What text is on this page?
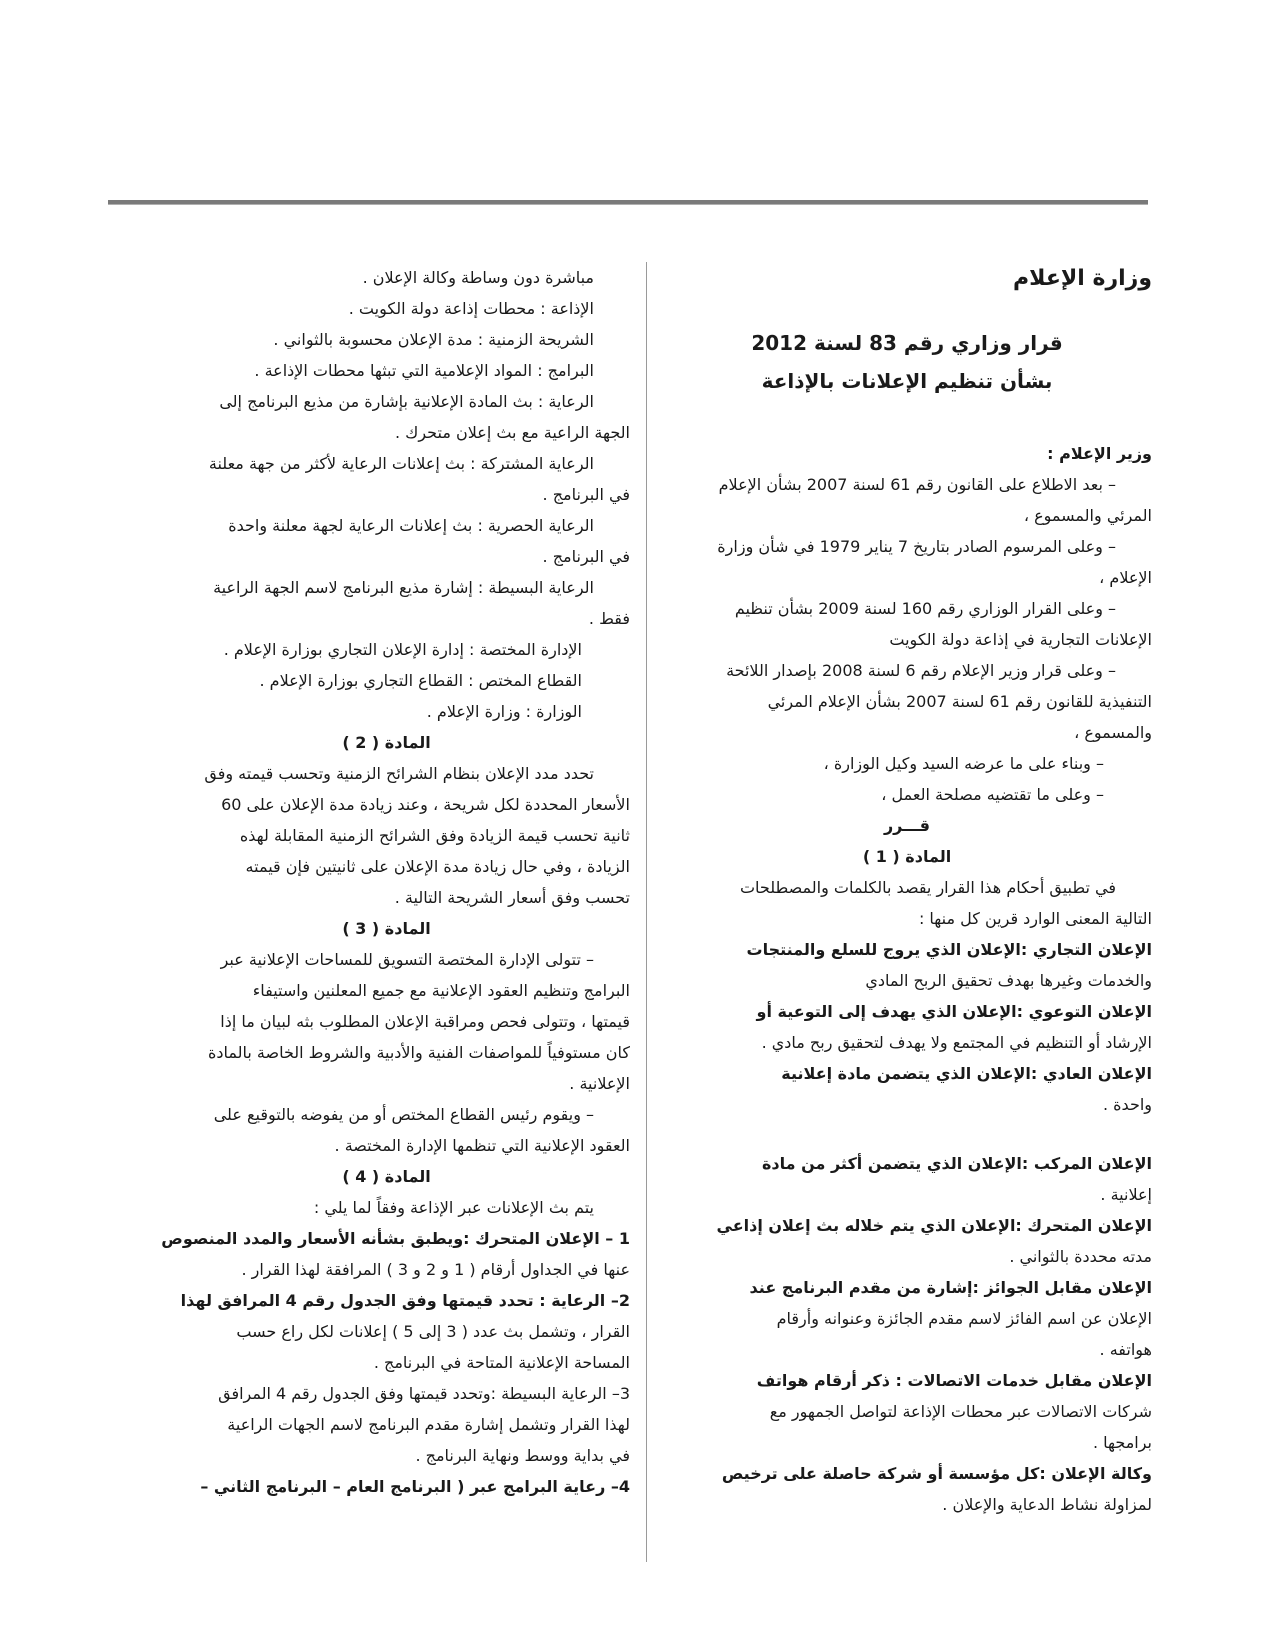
وزارة الإعلام

قرار وزاري رقم 83 لسنة 2012
بشأن تنظيم الإعلانات بالإذاعة

وزير الإعلام :

– بعد الاطلاع على القانون رقم 61 لسنة 2007 بشأن الإعلام

المرئي والمسموع ،

– وعلى المرسوم الصادر بتاريخ 7 يناير 1979 في شأن وزارة

الإعلام ،

– وعلى القرار الوزاري رقم 160 لسنة 2009 بشأن تنظيم

الإعلانات التجارية في إذاعة دولة الكويت

– وعلى قرار وزير الإعلام رقم 6 لسنة 2008 بإصدار اللائحة

التنفيذية للقانون رقم 61 لسنة 2007 بشأن الإعلام المرئي

والمسموع ،

– وبناء على ما عرضه السيد وكيل الوزارة ،

– وعلى ما تقتضيه مصلحة العمل ،

قـــرر

المادة ( 1 )

في تطبيق أحكام هذا القرار يقصد بالكلمات والمصطلحات

التالية المعنى الوارد قرين كل منها :

الإعلان التجاري :الإعلان الذي يروج للسلع والمنتجات

والخدمات وغيرها بهدف تحقيق الربح المادي

الإعلان التوعوي :الإعلان الذي يهدف إلى التوعية أو

الإرشاد أو التنظيم في المجتمع ولا يهدف لتحقيق ربح مادي .

الإعلان العادي :الإعلان الذي يتضمن مادة إعلانية

واحدة .

الإعلان المركب :الإعلان الذي يتضمن أكثر من مادة

إعلانية .

الإعلان المتحرك :الإعلان الذي يتم خلاله بث إعلان إذاعي

مدته محددة بالثواني .

الإعلان مقابل الجوائز :إشارة من مقدم البرنامج عند

الإعلان عن اسم الفائز لاسم مقدم الجائزة وعنوانه وأرقام

هواتفه .

الإعلان مقابل خدمات الاتصالات : ذكر أرقام هواتف

شركات الاتصالات عبر محطات الإذاعة لتواصل الجمهور مع

برامجها .

وكالة الإعلان :كل مؤسسة أو شركة حاصلة على ترخيص

لمزاولة نشاط الدعاية والإعلان .

مباشرة دون وساطة وكالة الإعلان .

الإذاعة : محطات إذاعة دولة الكويت .

الشريحة الزمنية : مدة الإعلان محسوبة بالثواني .

البرامج : المواد الإعلامية التي تبثها محطات الإذاعة .

الرعاية : بث المادة الإعلانية بإشارة من مذيع البرنامج إلى

الجهة الراعية مع بث إعلان متحرك .

الرعاية المشتركة : بث إعلانات الرعاية لأكثر من جهة معلنة

في البرنامج .

الرعاية الحصرية : بث إعلانات الرعاية لجهة معلنة واحدة

في البرنامج .

الرعاية البسيطة : إشارة مذيع البرنامج لاسم الجهة الراعية

فقط .

الإدارة المختصة : إدارة الإعلان التجاري بوزارة الإعلام .

القطاع المختص : القطاع التجاري بوزارة الإعلام .

الوزارة : وزارة الإعلام .

المادة ( 2 )

تحدد مدد الإعلان بنظام الشرائح الزمنية وتحسب قيمته وفق

الأسعار المحددة لكل شريحة ، وعند زيادة مدة الإعلان على 60

ثانية تحسب قيمة الزيادة وفق الشرائح الزمنية المقابلة لهذه

الزيادة ، وفي حال زيادة مدة الإعلان على ثانيتين فإن قيمته

تحسب وفق أسعار الشريحة التالية .

المادة ( 3 )

– تتولى الإدارة المختصة التسويق للمساحات الإعلانية عبر

البرامج وتنظيم العقود الإعلانية مع جميع المعلنين واستيفاء

قيمتها ، وتتولى فحص ومراقبة الإعلان المطلوب بثه لبيان ما إذا

كان مستوفياً للمواصفات الفنية والأدبية والشروط الخاصة بالمادة

الإعلانية .

– ويقوم رئيس القطاع المختص أو من يفوضه بالتوقيع على

العقود الإعلانية التي تنظمها الإدارة المختصة .

المادة ( 4 )

يتم بث الإعلانات عبر الإذاعة وفقاً لما يلي :

1 – الإعلان المتحرك :ويطبق بشأنه الأسعار والمدد المنصوص

عنها في الجداول أرقام ( 1 و 2 و 3 ) المرافقة لهذا القرار .

2– الرعاية : تحدد قيمتها وفق الجدول رقم 4 المرافق لهذا

القرار ، وتشمل بث عدد ( 3 إلى 5 ) إعلانات لكل راع حسب

المساحة الإعلانية المتاحة في البرنامج .

3– الرعاية البسيطة :وتحدد قيمتها وفق الجدول رقم 4 المرافق

لهذا القرار وتشمل إشارة مقدم البرنامج لاسم الجهات الراعية

في بداية ووسط ونهاية البرنامج .

4– رعاية البرامج عبر ( البرنامج العام – البرنامج الثاني –
